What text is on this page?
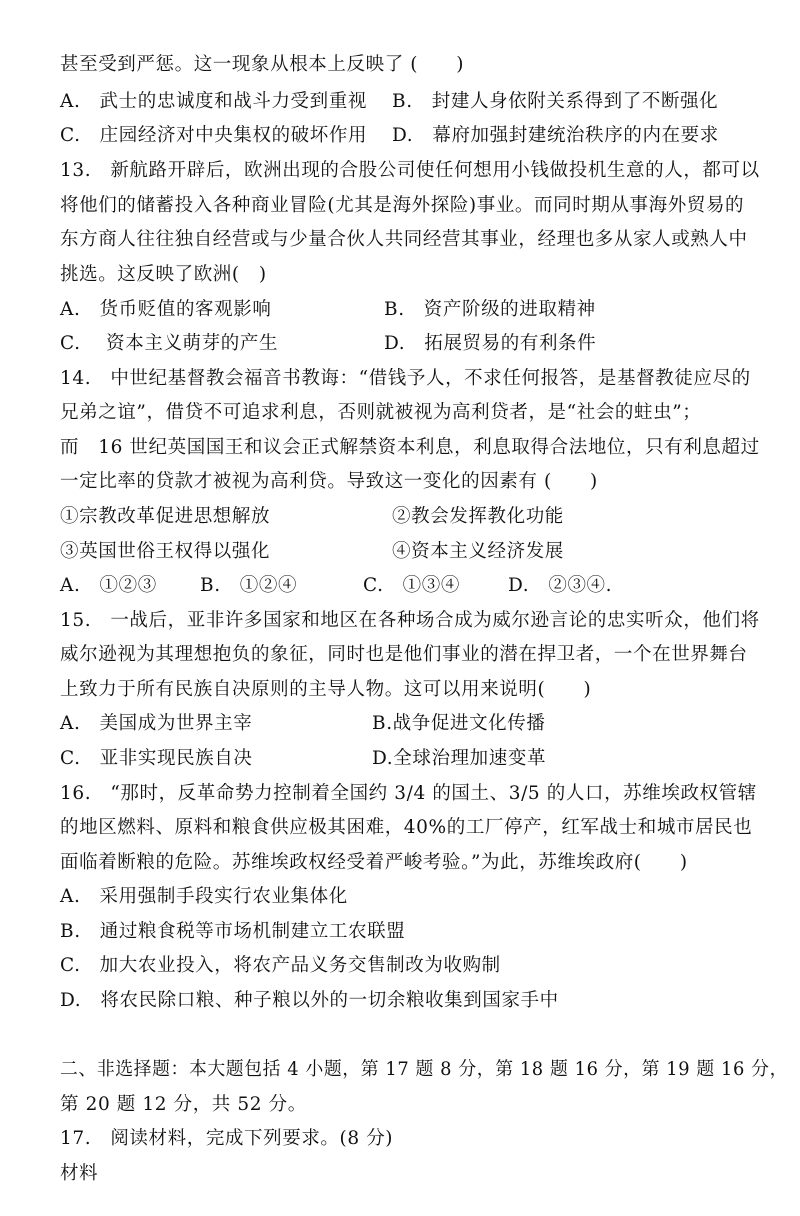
甚至受到严惩。这一现象从根本上反映了 (　　)
A.　武士的忠诚度和战斗力受到重视 B.　封建人身依附关系得到了不断强化
C.　庄园经济对中央集权的破坏作用 D.　幕府加强封建统治秩序的内在要求
13.　新航路开辟后，欧洲出现的合股公司使任何想用小钱做投机生意的人，都可以
将他们的储蓄投入各种商业冒险(尤其是海外探险)事业。而同时期从事海外贸易的
东方商人往往独自经营或与少量合伙人共同经营其事业，经理也多从家人或熟人中
挑选。这反映了欧洲(　)
A.　货币贬值的客观影响	B.　资产阶级的进取精神
C.　 资本主义萌芽的产生	D.　拓展贸易的有利条件
14.　中世纪基督教会福音书教诲：“借钱予人，不求任何报答，是基督教徒应尽的
兄弟之谊”，借贷不可追求利息，否则就被视为高利贷者，是“社会的蛀虫”；
而　16 世纪英国国王和议会正式解禁资本利息，利息取得合法地位，只有利息超过
一定比率的贷款才被视为高利贷。导致这一变化的因素有 (　　)
①宗教改革促进思想解放	②教会发挥教化功能
③英国世俗王权得以强化	④资本主义经济发展
A.　①②③ B.　①②④	C.　①③④	D.　②③④.
15.　一战后，亚非许多国家和地区在各种场合成为威尔逊言论的忠实听众，他们将
威尔逊视为其理想抱负的象征，同时也是他们事业的潜在捍卫者，一个在世界舞台
上致力于所有民族自决原则的主导人物。这可以用来说明(　　)
A.　美国成为世界主宰	B.战争促进文化传播
C.　亚非实现民族自决	D.全球治理加速变革
16.　“那时，反革命势力控制着全国约 3/4 的国土、3/5 的人口，苏维埃政权管辖
的地区燃料、原料和粮食供应极其困难，40%的工厂停产，红军战士和城市居民也
面临着断粮的危险。苏维埃政权经受着严峻考验。”为此，苏维埃政府(　　)
A.　采用强制手段实行农业集体化
B.　通过粮食税等市场机制建立工农联盟
C.　加大农业投入，将农产品义务交售制改为收购制
D.　将农民除口粮、种子粮以外的一切余粮收集到国家手中
二、非选择题：本大题包括 4 小题，第 17 题 8 分，第 18 题 16 分，第 19 题 16 分，
第 20 题 12 分，共 52 分。
17.　阅读材料，完成下列要求。(8 分)
材料
